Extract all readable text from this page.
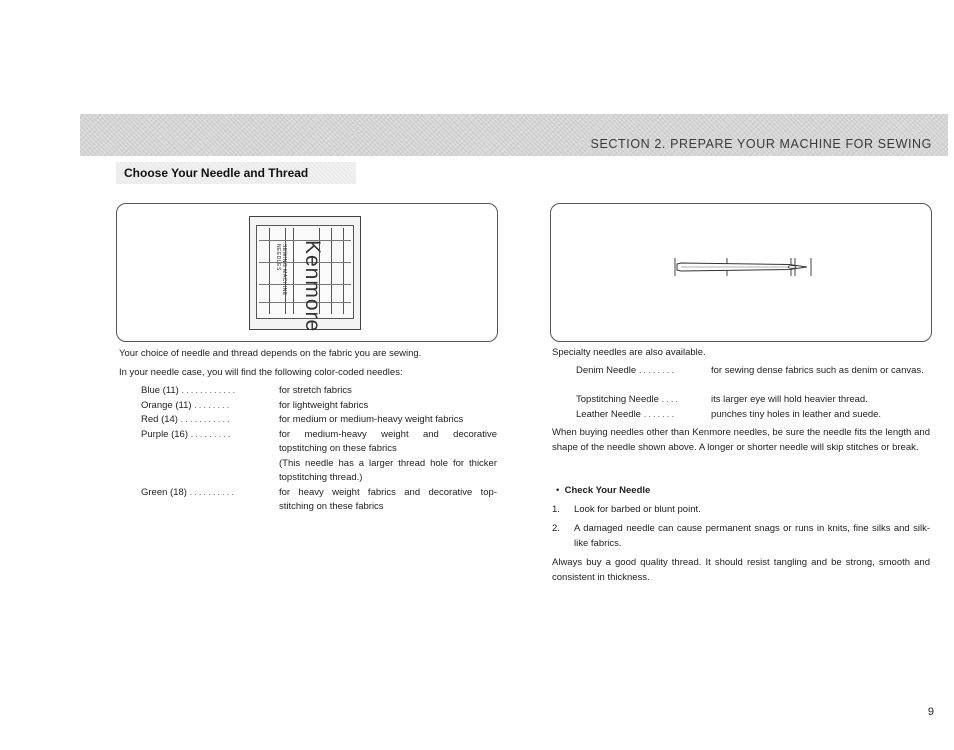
SECTION 2. PREPARE YOUR MACHINE FOR SEWING
Choose Your Needle and Thread
SEWING MACHINE NEEDLES Kenmore
Your choice of needle and thread depends on the fabric you are sewing.
In your needle case, you will find the following color-coded needles:
Blue (11) ............	for stretch fabrics
Orange (11) ........	for lightweight fabrics
Red (14) ...........	for medium or medium-heavy weight fabrics
Purple (16) .........	for medium-heavy weight and decorative topstitching on these fabrics
(This needle has a larger thread hole for thicker topstitching thread.)
Green (18) ..........	for heavy weight fabrics and decorative top-stitching on these fabrics
Specialty needles are also available.
Denim Needle ........	for sewing dense fabrics such as denim or canvas.
Topstitching Needle ....	its larger eye will hold heavier thread.
Leather Needle .......	punches tiny holes in leather and suede.
When buying needles other than Kenmore needles, be sure the needle fits the length and shape of the needle shown above. A longer or shorter needle will skip stitches or break.
• Check Your Needle
1. Look for barbed or blunt point.
2. A damaged needle can cause permanent snags or runs in knits, fine silks and silk-like fabrics.
Always buy a good quality thread. It should resist tangling and be strong, smooth and consistent in thickness.
9
